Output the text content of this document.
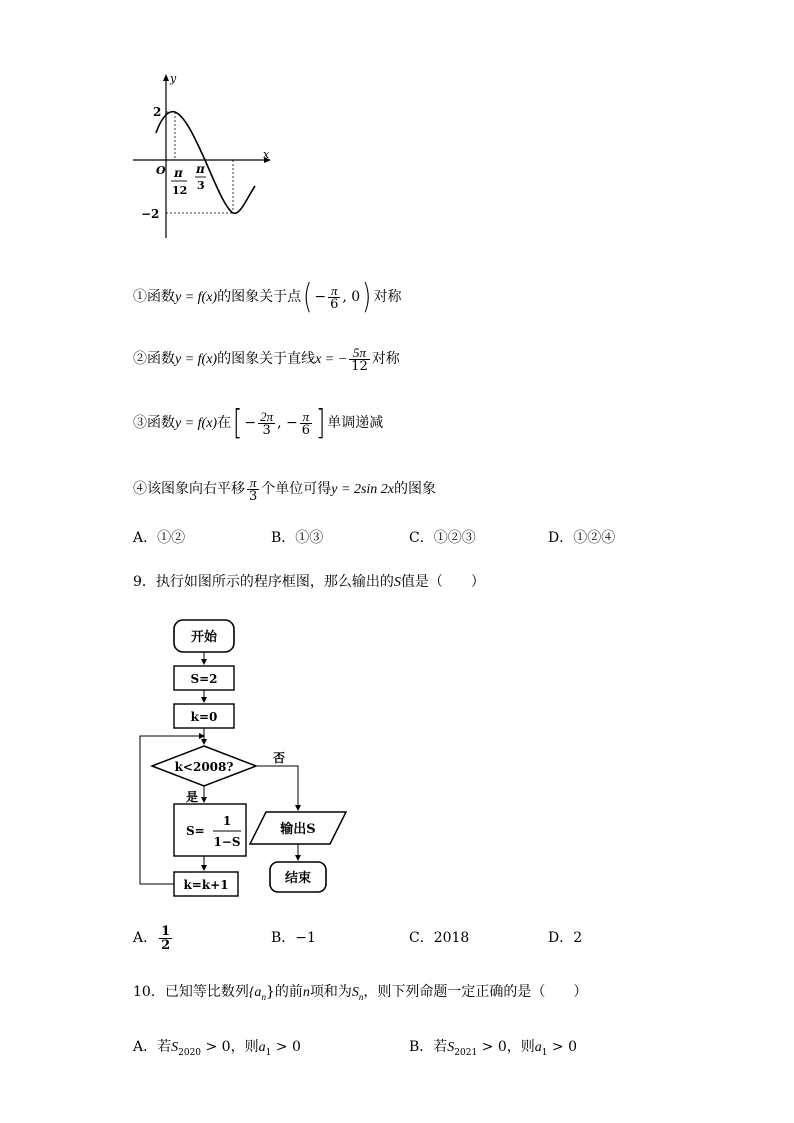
y
x
O
2
−2
π
12
π
3
①函数y = f(x)的图象关于点( − $\frac{\pi}{6}$ , 0) 对称
②函数y = f(x)的图象关于直线x = − $\frac{5\pi}{12}$ 对称
③函数y = f(x)在[ − $\frac{2\pi}{3}$ , − $\frac{\pi}{6}$ ] 单调递减
④该图象向右平移 $\frac{\pi}{3}$ 个单位可得y = 2sin 2x的图象
A．①②	B．①③	C．①②③	D．①②④
9．执行如图所示的程序框图，那么输出的S值是（　　）
开始
S=2
k=0
k<2008?
否
是
S=
1
1−S
k=k+1
输出S
结束
A． $\frac{1}{2}$	B．−1	C．2018	D．2
10．已知等比数列$\{a_n\}$的前n项和为$S_n$，则下列命题一定正确的是（　　）
A．若$S_{2020} > 0$，则$a_1 > 0$	B．若$S_{2021} > 0$，则$a_1 > 0$
